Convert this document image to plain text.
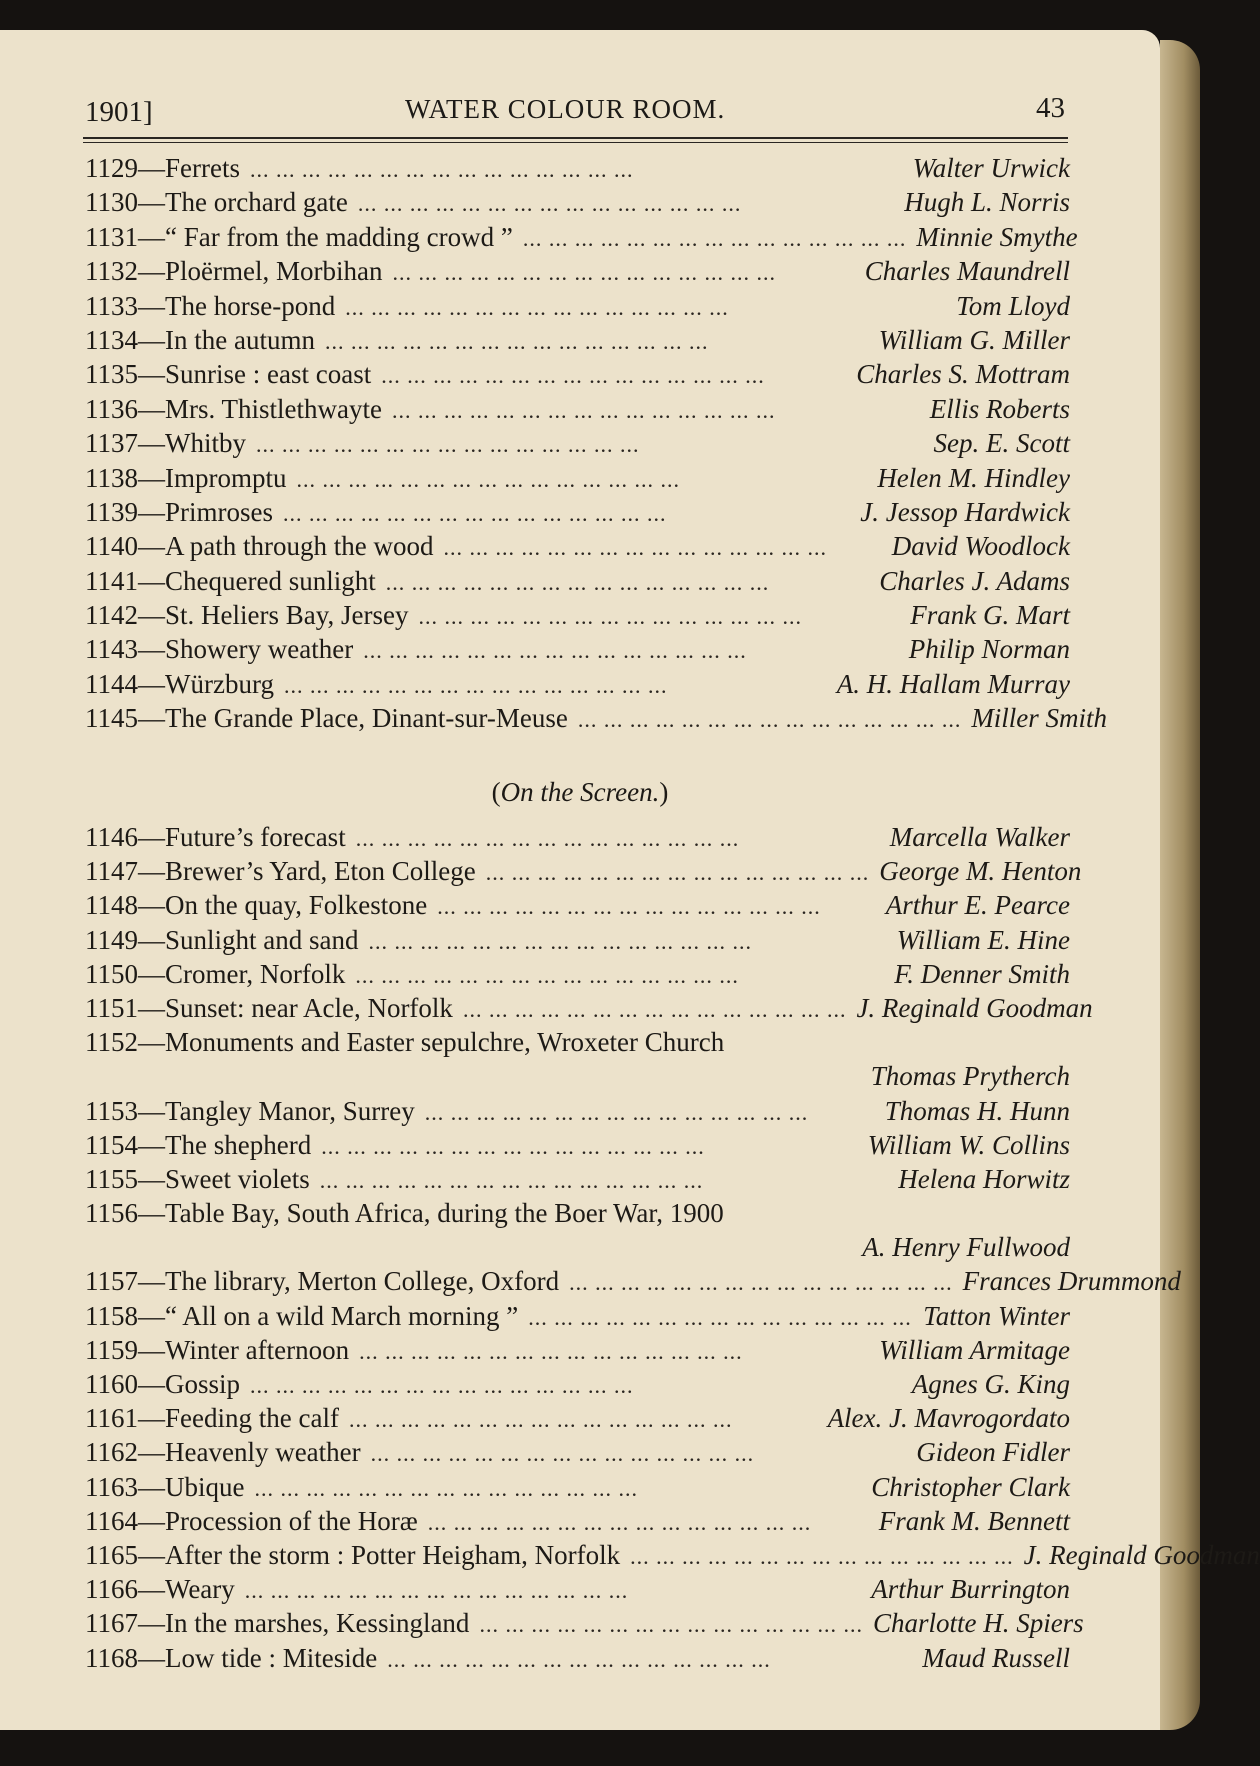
1901]	WATER COLOUR ROOM.	43
1129 — Ferrets ... ... ... ... ... ... ... ... ... ... ... ... ... ... ...	Walter Urwick
1130 — The orchard gate ... ... ... ... ... ... ... ... ... ... ... ... ... ... ...	Hugh L. Norris
1131 — “ Far from the madding crowd ” ... ... ... ... ... ... ... ... ... ... ... ... ... ... ... Minnie Smythe
1132 — Ploërmel, Morbihan ... ... ... ... ... ... ... ... ... ... ... ... ... ... ...	Charles Maundrell
1133 — The horse-pond ... ... ... ... ... ... ... ... ... ... ... ... ... ... ...	Tom Lloyd
1134 — In the autumn ... ... ... ... ... ... ... ... ... ... ... ... ... ... ...	William G. Miller
1135 — Sunrise : east coast ... ... ... ... ... ... ... ... ... ... ... ... ... ... ...	Charles S. Mottram
1136 — Mrs. Thistlethwayte ... ... ... ... ... ... ... ... ... ... ... ... ... ... ...	Ellis Roberts
1137 — Whitby ... ... ... ... ... ... ... ... ... ... ... ... ... ... ...	Sep. E. Scott
1138 — Impromptu ... ... ... ... ... ... ... ... ... ... ... ... ... ... ...	Helen M. Hindley
1139 — Primroses ... ... ... ... ... ... ... ... ... ... ... ... ... ... ...	J. Jessop Hardwick
1140 — A path through the wood ... ... ... ... ... ... ... ... ... ... ... ... ... ... ...	David Woodlock
1141 — Chequered sunlight ... ... ... ... ... ... ... ... ... ... ... ... ... ... ...	Charles J. Adams
1142 — St. Heliers Bay, Jersey ... ... ... ... ... ... ... ... ... ... ... ... ... ... ...	Frank G. Mart
1143 — Showery weather ... ... ... ... ... ... ... ... ... ... ... ... ... ... ...	Philip Norman
1144 — Würzburg ... ... ... ... ... ... ... ... ... ... ... ... ... ... ...	A. H. Hallam Murray
1145 — The Grande Place, Dinant-sur-Meuse ... ... ... ... ... ... ... ... ... ... ... ... ... ... ... Miller Smith
(On the Screen.)
1146 — Future’s forecast ... ... ... ... ... ... ... ... ... ... ... ... ... ... ...	Marcella Walker
1147 — Brewer’s Yard, Eton College ... ... ... ... ... ... ... ... ... ... ... ... ... ... ... George M. Henton
1148 — On the quay, Folkestone ... ... ... ... ... ... ... ... ... ... ... ... ... ... ...	Arthur E. Pearce
1149 — Sunlight and sand ... ... ... ... ... ... ... ... ... ... ... ... ... ... ...	William E. Hine
1150 — Cromer, Norfolk ... ... ... ... ... ... ... ... ... ... ... ... ... ... ...	F. Denner Smith
1151 — Sunset: near Acle, Norfolk ... ... ... ... ... ... ... ... ... ... ... ... ... ... ... J. Reginald Goodman
1152 — Monuments and Easter sepulchre, Wroxeter Church
Thomas Prytherch
1153 — Tangley Manor, Surrey ... ... ... ... ... ... ... ... ... ... ... ... ... ... ...	Thomas H. Hunn
1154 — The shepherd ... ... ... ... ... ... ... ... ... ... ... ... ... ... ...	William W. Collins
1155 — Sweet violets ... ... ... ... ... ... ... ... ... ... ... ... ... ... ...	Helena Horwitz
1156 — Table Bay, South Africa, during the Boer War, 1900
A. Henry Fullwood
1157 — The library, Merton College, Oxford ... ... ... ... ... ... ... ... ... ... ... ... ... ... ... Frances Drummond
1158 — “ All on a wild March morning ” ... ... ... ... ... ... ... ... ... ... ... ... ... ... ... Tatton Winter
1159 — Winter afternoon ... ... ... ... ... ... ... ... ... ... ... ... ... ... ...	William Armitage
1160 — Gossip ... ... ... ... ... ... ... ... ... ... ... ... ... ... ...	Agnes G. King
1161 — Feeding the calf ... ... ... ... ... ... ... ... ... ... ... ... ... ... ...	Alex. J. Mavrogordato
1162 — Heavenly weather ... ... ... ... ... ... ... ... ... ... ... ... ... ... ...	Gideon Fidler
1163 — Ubique ... ... ... ... ... ... ... ... ... ... ... ... ... ... ...	Christopher Clark
1164 — Procession of the Horæ ... ... ... ... ... ... ... ... ... ... ... ... ... ... ...	Frank M. Bennett
1165 — After the storm : Potter Heigham, Norfolk ... ... ... ... ... ... ... ... ... ... ... ... ... ... ... J. Reginald Goodman
1166 — Weary ... ... ... ... ... ... ... ... ... ... ... ... ... ... ...	Arthur Burrington
1167 — In the marshes, Kessingland ... ... ... ... ... ... ... ... ... ... ... ... ... ... ... Charlotte H. Spiers
1168 — Low tide : Miteside ... ... ... ... ... ... ... ... ... ... ... ... ... ... ...	Maud Russell
